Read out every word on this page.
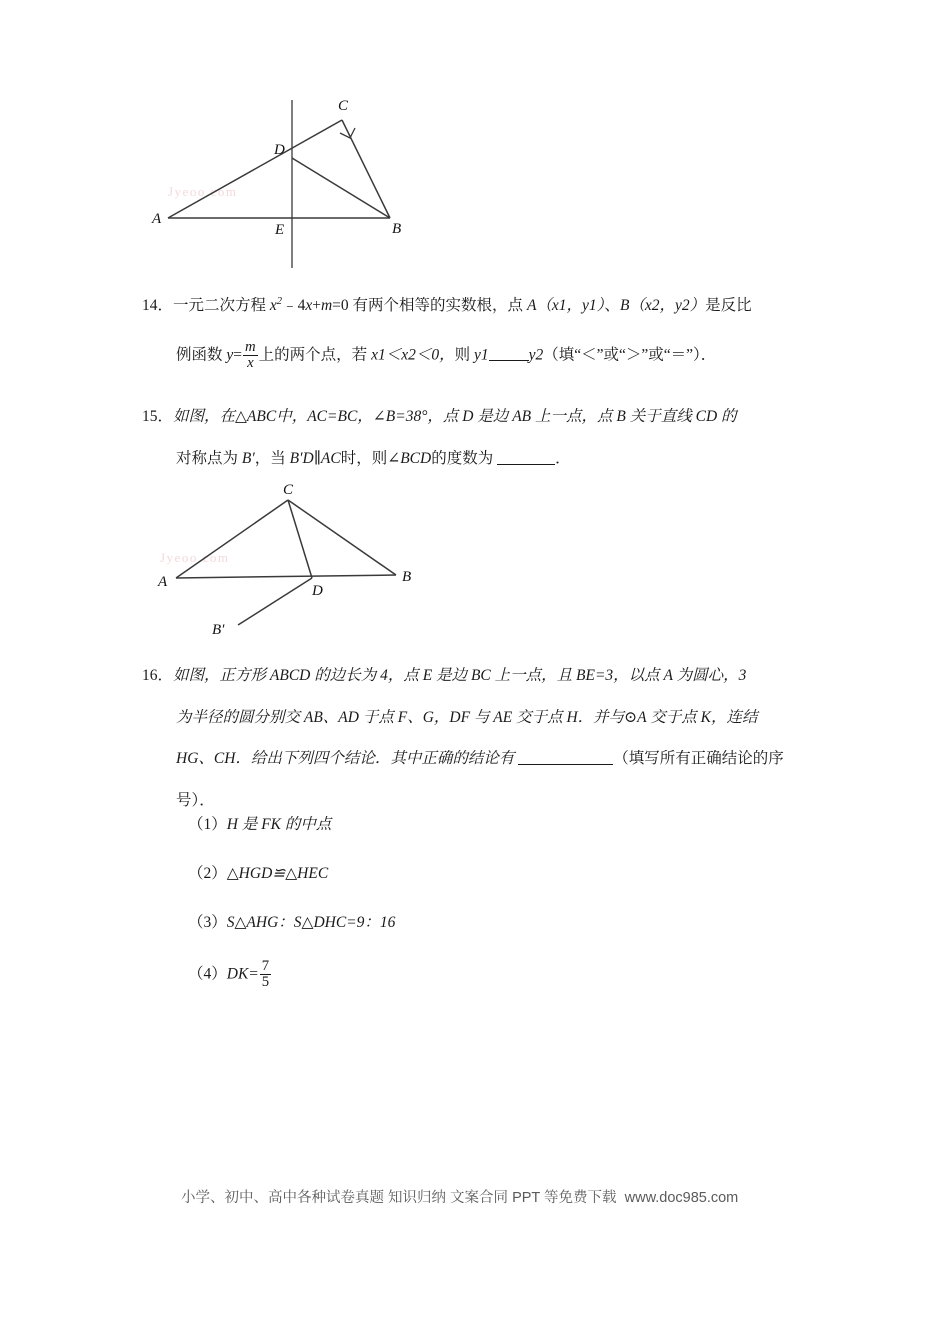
Jyeoo.com
A
B
C
D
E
14．一元二次方程 $x^2﹣4x+m=0$ 有两个相等的实数根，点 A（x1，y1）、B（x2，y2）是反比
例函数 $y= \frac{m}{x}$ 上的两个点，若 x1＜x2＜0，则 y1	y2（填“＜”或“＞”或“＝”）．
15．如图，在△ABC中，AC=BC，∠B=38°，点 D 是边 AB 上一点，点 B 关于直线 CD 的
对称点为 B′，当 B′D∥AC时，则∠BCD的度数为	．
Jyeoo.com
A	B
C
D
B′
16．如图，正方形 ABCD 的边长为 4，点 E 是边 BC 上一点，且 BE=3，以点 A 为圆心，3
为半径的圆分别交 AB、AD 于点 F、G，DF 与 AE 交于点 H．并与⊙A 交于点 K，连结
HG、CH．给出下列四个结论．其中正确的结论有	（填写所有正确结论的序
号）．
（1）H 是 FK 的中点
（2）△HGD≌△HEC
（3）S△AHG：S△DHC=9：16
$(4)DK= \frac{7}{5}$
小学、初中、高中各种试卷真题 知识归纳 文案合同 PPT 等免费下载 www.doc985.com
